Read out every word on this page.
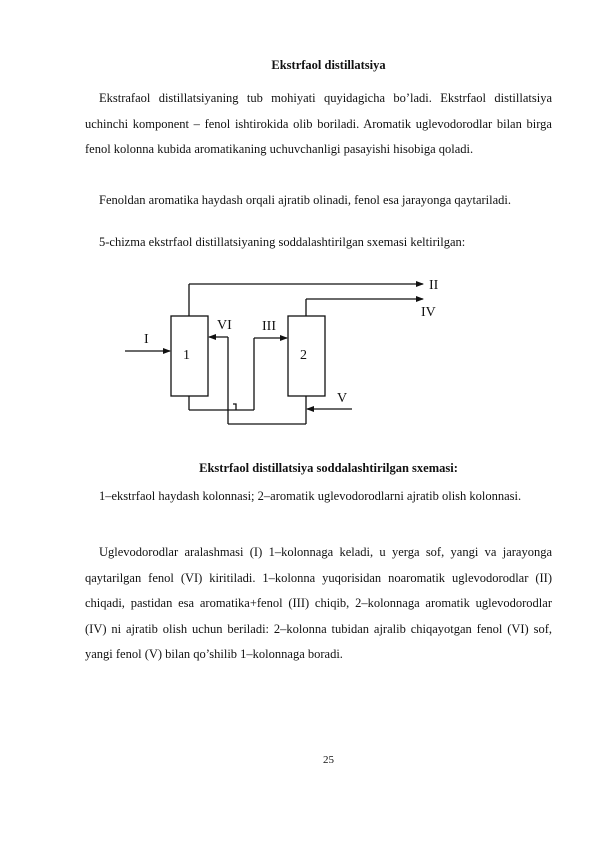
Ekstrfaol distillatsiya

Ekstrafaol distillatsiyaning tub mohiyati quyidagicha bo’ladi. Ekstrfaol distillatsiya uchinchi komponent – fenol ishtirokida olib boriladi. Aromatik uglevodorodlar bilan birga fenol kolonna kubida aromatikaning uchuvchanligi pasayishi hisobiga qoladi.

Fenoldan aromatika haydash orqali ajratib olinadi, fenol esa jarayonga qaytariladi.

5-chizma ekstrfaol distillatsiyaning soddalashtirilgan sxemasi keltirilgan:

1	2
I
II
IV
VI III
V
Ekstrfaol distillatsiya soddalashtirilgan sxemasi:

1–ekstrfaol haydash kolonnasi; 2–aromatik uglevodorodlarni ajratib olish kolonnasi.

Uglevodorodlar aralashmasi (I) 1–kolonnaga keladi, u yerga sof, yangi va jarayonga qaytarilgan fenol (VI) kiritiladi. 1–kolonna yuqorisidan noaromatik uglevodorodlar (II) chiqadi, pastidan esa aromatika+fenol (III) chiqib, 2–kolonnaga aromatik uglevodorodlar (IV) ni ajratib olish uchun beriladi: 2–kolonna tubidan ajralib chiqayotgan fenol (VI) sof, yangi fenol (V) bilan qo’shilib 1–kolonnaga boradi.

25
